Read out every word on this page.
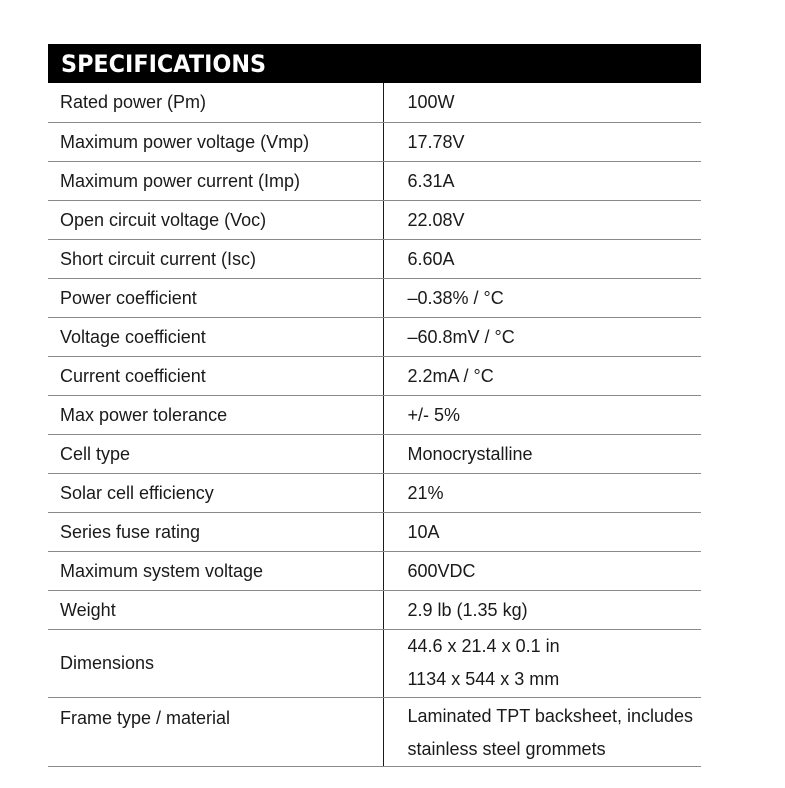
SPECIFICATIONS
Rated power (Pm)	100W
Maximum power voltage (Vmp)	17.78V
Maximum power current (Imp)	6.31A
Open circuit voltage (Voc)	22.08V
Short circuit current (Isc)	6.60A
Power coefficient	–0.38% / °C
Voltage coefficient	–60.8mV / °C
Current coefficient	2.2mA / °C
Max power tolerance	+/- 5%
Cell type	Monocrystalline
Solar cell efficiency	21%
Series fuse rating	10A
Maximum system voltage	600VDC
Weight	2.9 lb (1.35 kg)
Dimensions	44.6 x 21.4 x 0.1 in
1134 x 544 x 3 mm

Frame type / material	Laminated TPT backsheet, includes
stainless steel grommets
